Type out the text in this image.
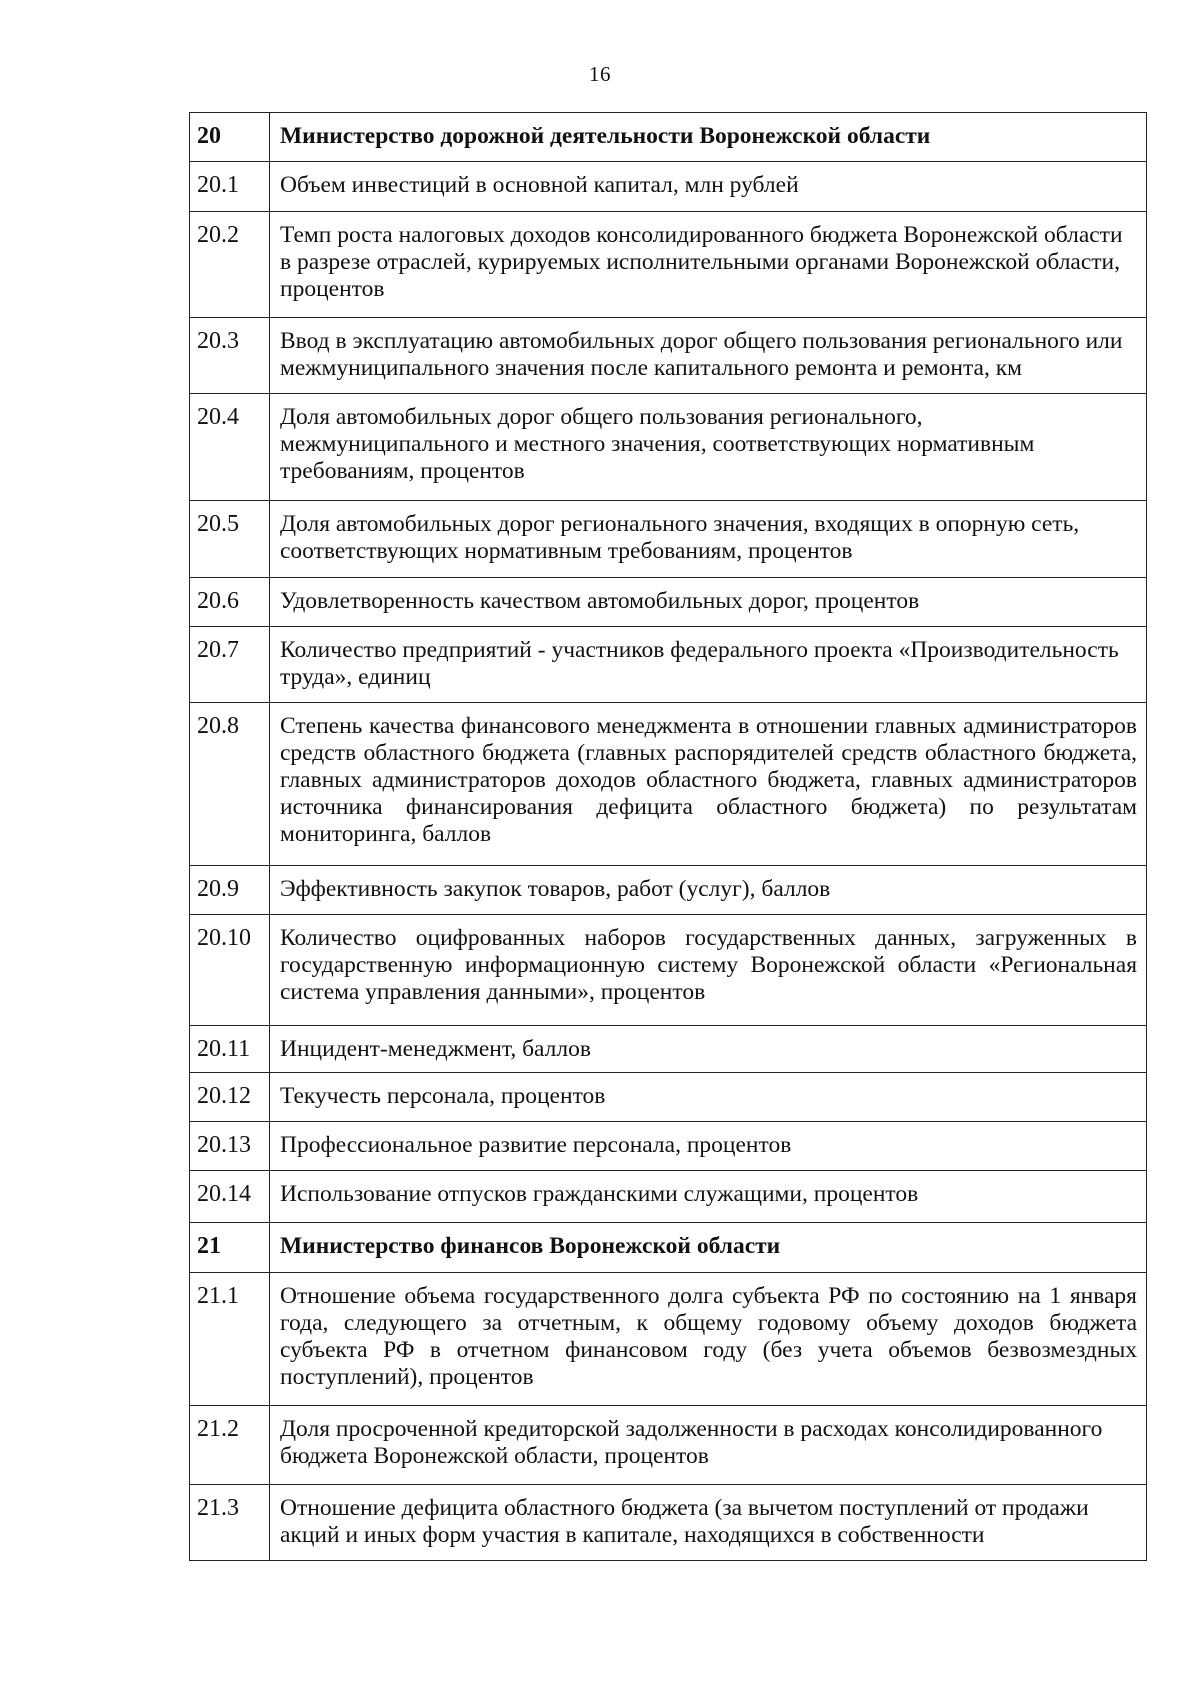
16
20	Министерство дорожной деятельности Воронежской области
20.1	Объем инвестиций в основной капитал, млн рублей
20.2	Темп роста налоговых доходов консолидированного бюджета Воронежской области в разрезе отраслей, курируемых исполнительными органами Воронежской области, процентов
20.3	Ввод в эксплуатацию автомобильных дорог общего пользования регионального или межмуниципального значения после капитального ремонта и ремонта, км
20.4	Доля автомобильных дорог общего пользования регионального, межмуниципального и местного значения, соответствующих нормативным требованиям, процентов
20.5	Доля автомобильных дорог регионального значения, входящих в опорную сеть, соответствующих нормативным требованиям, процентов
20.6	Удовлетворенность качеством автомобильных дорог, процентов
20.7	Количество предприятий - участников федерального проекта «Производительность труда», единиц
20.8	Степень качества финансового менеджмента в отношении главных администраторов средств областного бюджета (главных распорядителей средств областного бюджета, главных администраторов доходов областного бюджета, главных администраторов источника финансирования дефицита областного бюджета) по результатам мониторинга, баллов
20.9	Эффективность закупок товаров, работ (услуг), баллов
20.10	Количество оцифрованных наборов государственных данных, загруженных в государственную информационную систему Воронежской области «Региональная система управления данными», процентов
20.11	Инцидент-менеджмент, баллов
20.12	Текучесть персонала, процентов
20.13	Профессиональное развитие персонала, процентов
20.14	Использование отпусков гражданскими служащими, процентов
21	Министерство финансов Воронежской области
21.1	Отношение объема государственного долга субъекта РФ по состоянию на 1 января года, следующего за отчетным, к общему годовому объему доходов бюджета субъекта РФ в отчетном финансовом году (без учета объемов безвозмездных поступлений), процентов
21.2	Доля просроченной кредиторской задолженности в расходах консолидированного бюджета Воронежской области, процентов
21.3	Отношение дефицита областного бюджета (за вычетом поступлений от продажи акций и иных форм участия в капитале, находящихся в собственности
